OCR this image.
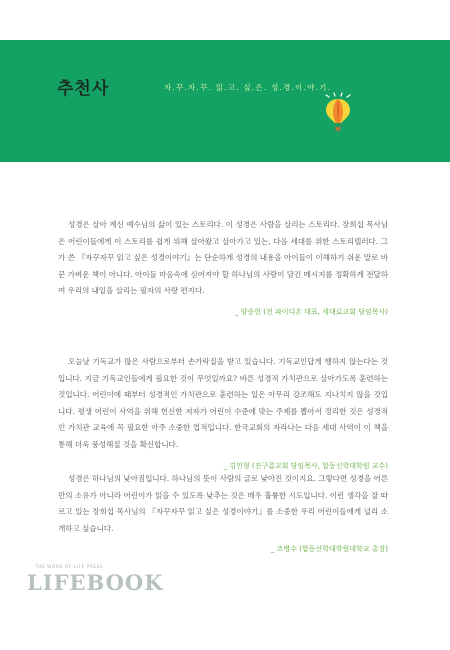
추천사	자.꾸.자.꾸. 읽.고. 싶.은. 성.경.이.야.기.

성경은 살아 계신 예수님의 삶이 있는 스토리다. 이 성경은 사람을 살리는 스토리다. 장희섭 목사님은 어린이들에게 이 스토리를 쉽게 위해 살아왔고 살아가고 있는, 다음 세대를 위한 스토리텔러다. 그가 쓴 『자꾸자꾸 읽고 싶은 성경이야기』는 단순하게 성경의 내용을 아이들이 이해하기 쉬운 말로 바꾼 가벼운 책이 아니다. 아이들 마음속에 심어져야 할 하나님의 사랑이 담긴 메시지를 정확하게 전달하여 우리의 내일을 살리는 필자의 사랑 편지다.

_ 양승헌 (전 파이디온 대표, 세대로교회 담임목사)

오늘날 기독교가 많은 사람으로부터 손가락질을 받고 있습니다. 기독교인답게 행하지 않는다는 것입니다. 지금 기독교인들에게 필요한 것이 무엇일까요? 바른 성경적 가치관으로 살아가도록 훈련하는 것입니다. 어린이에 때부터 성경적인 가치관으로 훈련하는 일은 아무리 강조해도 지나치지 않을 것입니다. 평생 어린이 사역을 위해 헌신한 저자가 어린이 수준에 맞는 주제를 뽑아서 정리한 것은 성경적인 가치관 교육에 꼭 필요한 아주 소중한 업적입니다. 한국교회의 자라나는 다음 세대 사역이 이 책을 통해 더욱 풍성해질 것을 확신합니다.

_ 김인형 (진구름교회 담임목사, 합동신학대학원 교수)

성경은 하나님의 낮아짐입니다. 하나님의 뜻이 사람의 글로 낮아진 것이지요. 그렇다면 성경을 어른만의 소유가 아니라 어린이가 읽을 수 있도록 낮추는 것은 매우 훌륭한 시도입니다. 이런 생각을 잘 따르고 있는 장희섭 목사님의 『자꾸자꾸 읽고 싶은 성경이야기』를 소중한 우리 어린이들에게 널리 소개하고 싶습니다.

_ 조병수 (합동신학대학원대학교 총장)
THE WORD OF LIFE PRESS
LIFEBOOK
